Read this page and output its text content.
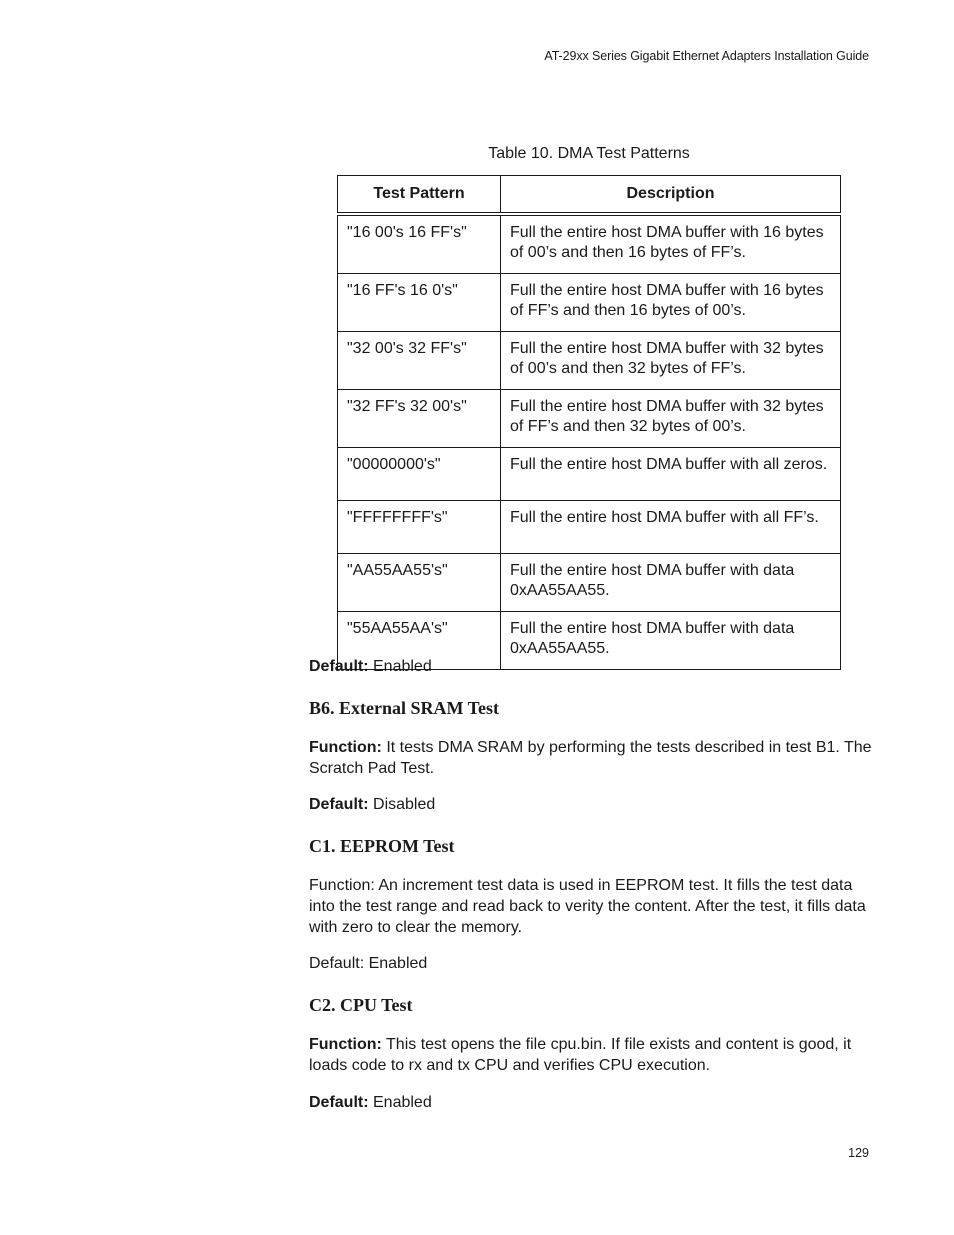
AT-29xx Series Gigabit Ethernet Adapters Installation Guide
Table 10. DMA Test Patterns
Test Pattern	Description
"16 00's 16 FF's"	Full the entire host DMA buffer with 16 bytes of 00’s and then 16 bytes of FF’s.
"16 FF's 16 0's"	Full the entire host DMA buffer with 16 bytes of FF’s and then 16 bytes of 00’s.
"32 00's 32 FF's"	Full the entire host DMA buffer with 32 bytes of 00’s and then 32 bytes of FF’s.
"32 FF's 32 00's"	Full the entire host DMA buffer with 32 bytes of FF’s and then 32 bytes of 00’s.
"00000000's"	Full the entire host DMA buffer with all zeros.
"FFFFFFFF's"	Full the entire host DMA buffer with all FF’s.
"AA55AA55's"	Full the entire host DMA buffer with data 0xAA55AA55.
"55AA55AA's"	Full the entire host DMA buffer with data 0xAA55AA55.
Default: Enabled
B6. External SRAM Test
Function: It tests DMA SRAM by performing the tests described in test B1. The Scratch Pad Test.
Default: Disabled
C1. EEPROM Test
Function: An increment test data is used in EEPROM test. It fills the test data into the test range and read back to verity the content. After the test, it fills data with zero to clear the memory.
Default: Enabled
C2. CPU Test
Function: This test opens the file cpu.bin. If file exists and content is good, it loads code to rx and tx CPU and verifies CPU execution.
Default: Enabled
129
